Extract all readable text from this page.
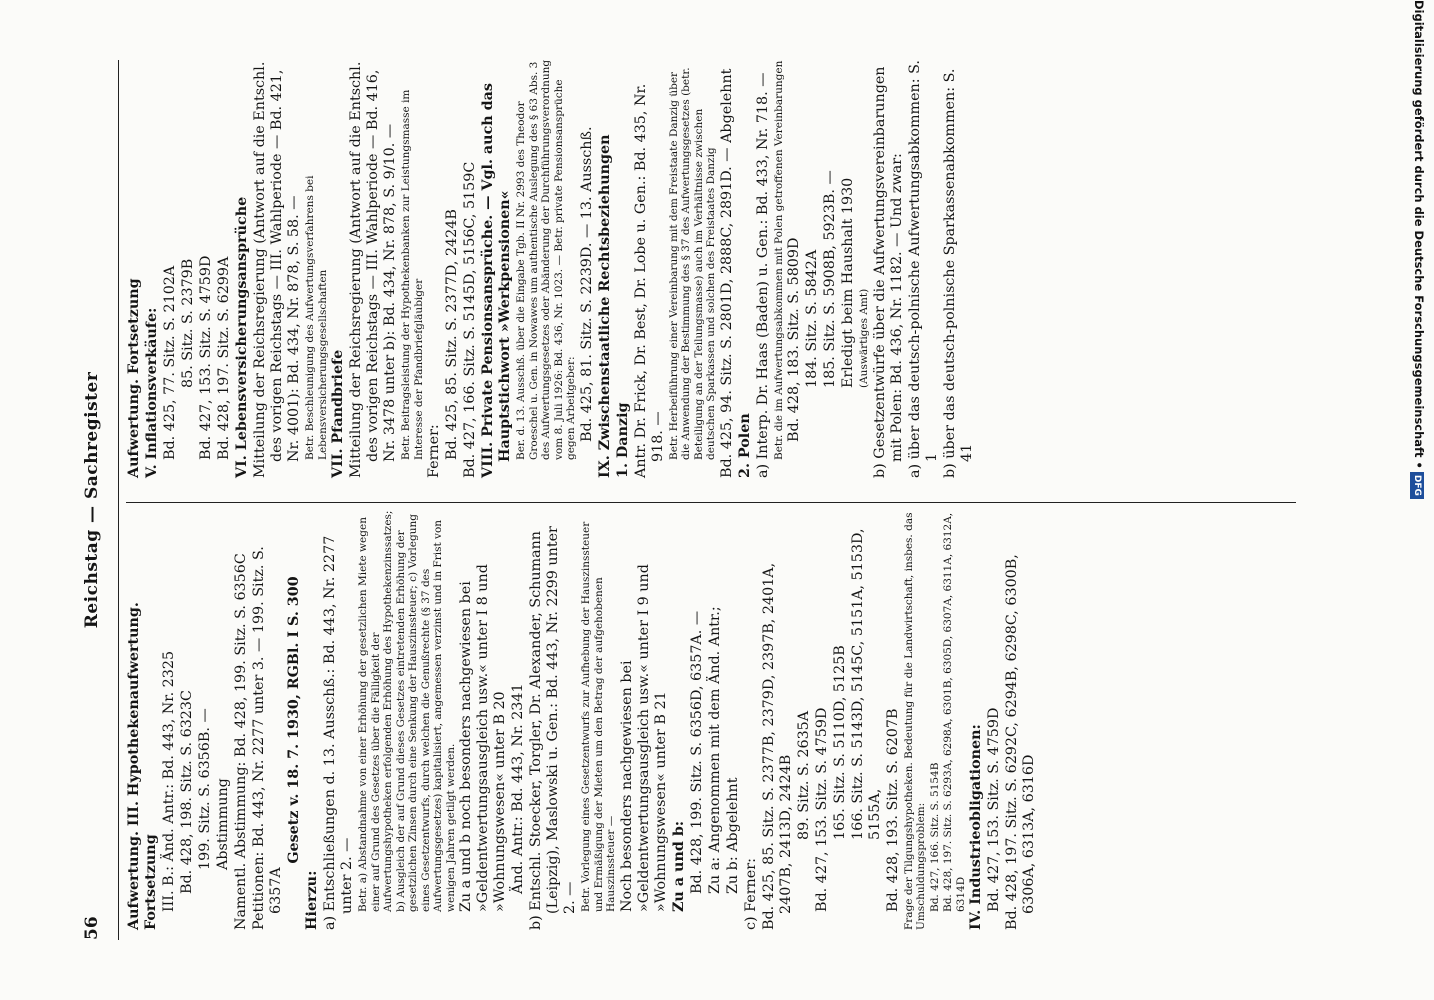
56
Reichstag — Sachregister

Aufwertung. III. Hypothekenaufwertung. Fortsetzung III. B.: Änd. Antr.: Bd. 443, Nr. 2325 Bd. 428, 198. Sitz. S. 6323C 199. Sitz. S. 6356B. — Abstimmung Namentl. Abstimmung: Bd. 428, 199. Sitz. S. 6356C Petitionen: Bd. 443, Nr. 2277 unter 3. — 199. Sitz. S. 6357A

Gesetz v. 18. 7. 1930, RGBl. I S. 300

Hierzu: a) Entschließungen d. 13. Ausschß.: Bd. 443, Nr. 2277 unter 2. — Betr. a) Abstandnahme von einer Erhöhung der gesetzlichen Miete wegen einer auf Grund des Gesetzes über die Fälligkeit der Aufwertungshypotheken erfolgenden Erhöhung des Hypothekenzinssatzes; b) Ausgleich der auf Grund dieses Gesetzes eintretenden Erhöhung der gesetzlichen Zinsen durch eine Senkung der Hauszinssteuer; c) Vorlegung eines Gesetzentwurfs, durch welchen die Genußrechte (§ 37 des Aufwertungsgesetzes) kapitalisiert, angemessen verzinst und in Frist von wenigen Jahren getilgt werden. Zu a und b noch besonders nachgewiesen bei »Geldentwertungsausgleich usw.« unter I 8 und »Wohnungswesen« unter B 20 Änd. Antr.: Bd. 443, Nr. 2341 b) Entschl. Stoecker, Torgler, Dr. Alexander, Schumann (Leipzig), Maslowski u. Gen.: Bd. 443, Nr. 2299 unter 2. — Betr. Vorlegung eines Gesetzentwurfs zur Aufhebung der Hauszinssteuer und Ermäßigung der Mieten um den Betrag der aufgehobenen Hauszinssteuer — Noch besonders nachgewiesen bei »Geldentwertungsausgleich usw.« unter I 9 und »Wohnungswesen« unter B 21 Zu a und b: Bd. 428, 199. Sitz. S. 6356D, 6357A. — Zu a: Angenommen mit dem Änd. Antr.; Zu b: Abgelehnt

c) Ferner: Bd. 425, 85. Sitz. S. 2377B, 2379D, 2397B, 2401A, 2407B, 2413D, 2424B 89. Sitz. S. 2635A Bd. 427, 153. Sitz. S. 4759D 165. Sitz. S. 5110D, 5125B 166. Sitz. S. 5143D, 5145C, 5151A, 5153D, 5155A, Bd. 428, 193. Sitz. S. 6207B Frage der Tilgungshypotheken. Bedeutung für die Landwirtschaft, insbes. das Umschuldungsproblem: Bd. 427, 166. Sitz. S. 5154B Bd. 428, 197. Sitz. S. 6293A, 6298A, 6301B, 6305D, 6307A, 6311A, 6312A, 6314D IV. Industrieobligationen: Bd. 427, 153. Sitz. S. 4759D Bd. 428, 197. Sitz. S. 6292C, 6294B, 6298C, 6300B, 6306A, 6313A, 6316D

Aufwertung. Fortsetzung V. Inflationsverkäufe: Bd. 425, 77. Sitz. S. 2102A 85. Sitz. S. 2379B Bd. 427, 153. Sitz. S. 4759D Bd. 428, 197. Sitz. S. 6299A VI. Lebensversicherungsansprüche Mitteilung der Reichsregierung (Antwort auf die Entschl. des vorigen Reichstags — III. Wahlperiode — Bd. 421, Nr. 4001): Bd. 434, Nr. 878, S. 58. — Betr. Beschleunigung des Aufwertungsverfahrens bei Lebensversicherungsgesellschaften VII. Pfandbriefe Mitteilung der Reichsregierung (Antwort auf die Entschl. des vorigen Reichstags — III. Wahlperiode — Bd. 416, Nr. 3478 unter b): Bd. 434, Nr. 878, S. 9/10. — Betr. Beitragsleistung der Hypothekenbanken zur Leistungsmasse im Interesse der Pfandbriefgläubiger Ferner: Bd. 425, 85. Sitz. S. 2377D, 2424B Bd. 427, 166. Sitz. S. 5145D, 5156C, 5159C VIII. Private Pensionsansprüche. — Vgl. auch das Hauptstichwort »Werkpensionen« Ber. d. 13. Ausschß. über die Eingabe Tgb. II Nr. 2993 des Theodor Groeschel u. Gen. in Nowawes um authentische Auslegung des § 63 Abs. 3 des Aufwertungsgesetzes oder Abänderung der Durchführungsverordnung vom 8. Juli 1926: Bd. 436, Nr. 1023. — Betr. private Pensionsansprüche gegen Arbeitgeber: Bd. 425, 81. Sitz. S. 2239D. — 13. Ausschß. IX. Zwischenstaatliche Rechtsbeziehungen 1. Danzig Antr. Dr. Frick, Dr. Best, Dr. Lobe u. Gen.: Bd. 435, Nr. 918. — Betr. Herbeiführung einer Vereinbarung mit dem Freistaate Danzig über die Anwendung der Bestimmung des § 37 des Aufwertungsgesetzes (betr. Beteiligung an der Teilungsmasse) auch im Verhältnisse zwischen deutschen Sparkassen und solchen des Freistaates Danzig Bd. 425, 94. Sitz. S. 2801D, 2888C, 2891D. — Abgelehnt 2. Polen a) Interp. Dr. Haas (Baden) u. Gen.: Bd. 433, Nr. 718. — Betr. die im Aufwertungsabkommen mit Polen getroffenen Vereinbarungen Bd. 428, 183. Sitz. S. 5809D 184. Sitz. S. 5842A 185. Sitz. S. 5908B, 5923B. — Erledigt beim Haushalt 1930 (Auswärtiges Amt) b) Gesetzentwürfe über die Aufwertungsvereinbarungen mit Polen: Bd. 436, Nr. 1182. — Und zwar: a) über das deutsch-polnische Aufwertungsabkommen: S. 1 b) über das deutsch-polnische Sparkassenabkommen: S. 41	Digitalisierung gefördert durch die Deutsche Forschungsgemeinschaft •DFG
